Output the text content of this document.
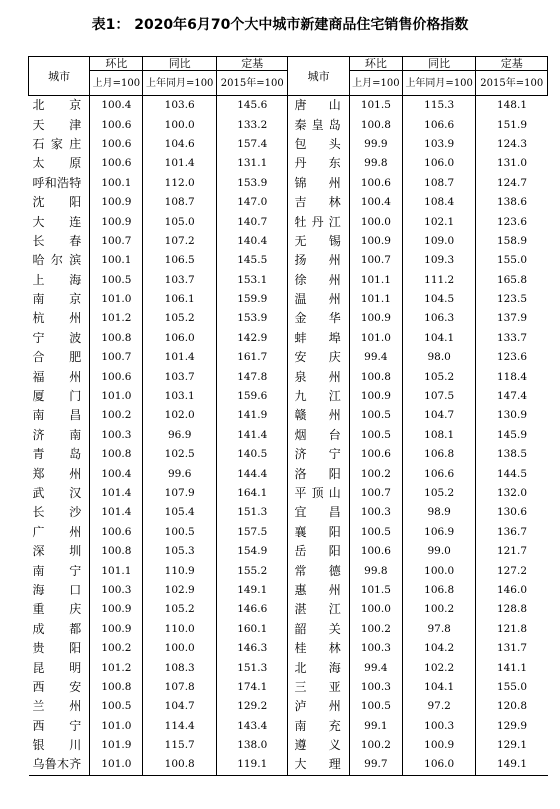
表1： 2020年6月70个大中城市新建商品住宅销售价格指数
城市	环比	同比	定基	城市	环比	同比	定基
	上月=100	上年同月=100	2015年=100		上月=100	上年同月=100	2015年=100
北京	100.4	103.6	145.6	唐山	101.5	115.3	148.1
天津	100.6	100.0	133.2	秦皇岛	100.8	106.6	151.9
石家庄	100.6	104.6	157.4	包头	99.9	103.9	124.3
太原	100.6	101.4	131.1	丹东	99.8	106.0	131.0
呼和浩特	100.1	112.0	153.9	锦州	100.6	108.7	124.7
沈阳	100.9	108.7	147.0	吉林	100.4	108.4	138.6
大连	100.9	105.0	140.7	牡丹江	100.0	102.1	123.6
长春	100.7	107.2	140.4	无锡	100.9	109.0	158.9
哈尔滨	100.1	106.5	145.5	扬州	100.7	109.3	155.0
上海	100.5	103.7	153.1	徐州	101.1	111.2	165.8
南京	101.0	106.1	159.9	温州	101.1	104.5	123.5
杭州	101.2	105.2	153.9	金华	100.9	106.3	137.9
宁波	100.8	106.0	142.9	蚌埠	101.0	104.1	133.7
合肥	100.7	101.4	161.7	安庆	99.4	98.0	123.6
福州	100.6	103.7	147.8	泉州	100.8	105.2	118.4
厦门	101.0	103.1	159.6	九江	100.9	107.5	147.4
南昌	100.2	102.0	141.9	赣州	100.5	104.7	130.9
济南	100.3	96.9	141.4	烟台	100.5	108.1	145.9
青岛	100.8	102.5	140.5	济宁	100.6	106.8	138.5
郑州	100.4	99.6	144.4	洛阳	100.2	106.6	144.5
武汉	101.4	107.9	164.1	平顶山	100.7	105.2	132.0
长沙	101.4	105.4	151.3	宜昌	100.3	98.9	130.6
广州	100.6	100.5	157.5	襄阳	100.5	106.9	136.7
深圳	100.8	105.3	154.9	岳阳	100.6	99.0	121.7
南宁	101.1	110.9	155.2	常德	99.8	100.0	127.2
海口	100.3	102.9	149.1	惠州	101.5	106.8	146.0
重庆	100.9	105.2	146.6	湛江	100.0	100.2	128.8
成都	100.9	110.0	160.1	韶关	100.2	97.8	121.8
贵阳	100.2	100.0	146.3	桂林	100.3	104.2	131.7
昆明	101.2	108.3	151.3	北海	99.4	102.2	141.1
西安	100.8	107.8	174.1	三亚	100.3	104.1	155.0
兰州	100.5	104.7	129.2	泸州	100.5	97.2	120.8
西宁	101.0	114.4	143.4	南充	99.1	100.3	129.9
银川	101.9	115.7	138.0	遵义	100.2	100.9	129.1
乌鲁木齐	101.0	100.8	119.1	大理	99.7	106.0	149.1
